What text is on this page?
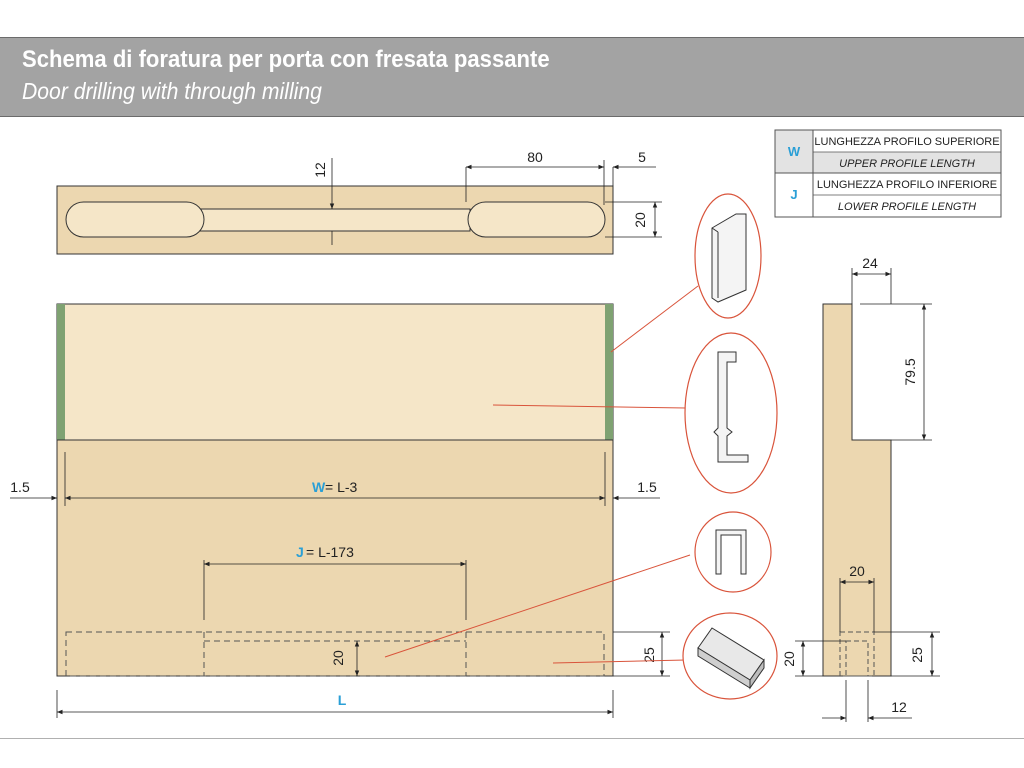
Schema di foratura per porta con fresata passante
Door drilling with through milling
80	5
12
20
W = L-3
1.5	1.5
J = L-173
20	25
L
24
79.5
20
20	25
12
W
LUNGHEZZA PROFILO SUPERIORE
UPPER PROFILE LENGTH
J
LUNGHEZZA PROFILO INFERIORE
LOWER PROFILE LENGTH
